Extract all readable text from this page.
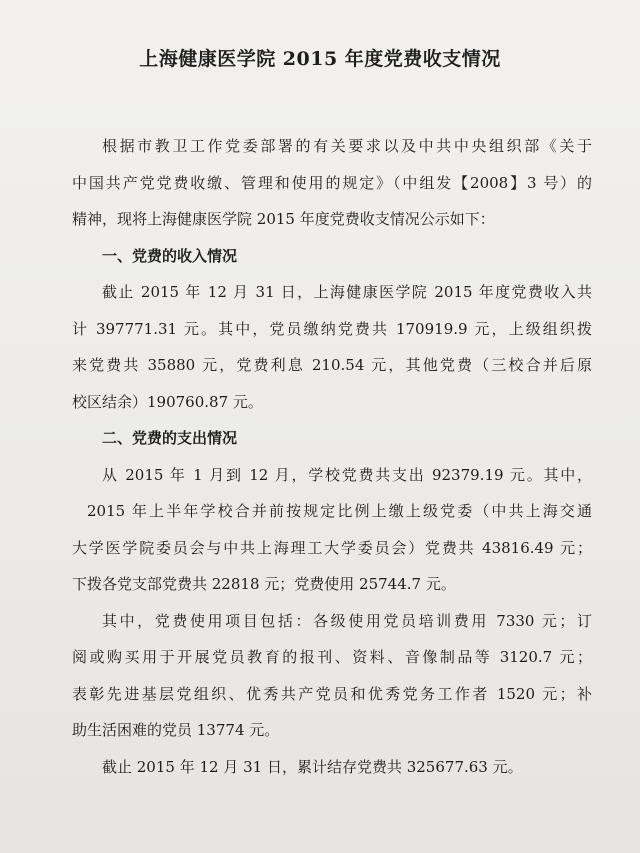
上海健康医学院 2015 年度党费收支情况
根据市教卫工作党委部署的有关要求以及中共中央组织部《关于
中国共产党党费收缴、管理和使用的规定》（中组发【2008】3 号）的
精神，现将上海健康医学院 2015 年度党费收支情况公示如下：
一、党费的收入情况
截止 2015 年 12 月 31 日，上海健康医学院 2015 年度党费收入共
计 397771.31 元。其中，党员缴纳党费共 170919.9 元，上级组织拨
来党费共 35880 元，党费利息 210.54 元，其他党费（三校合并后原
校区结余）190760.87 元。
二、党费的支出情况
从 2015 年 1 月到 12 月，学校党费共支出 92379.19 元。其中，
2015 年上半年学校合并前按规定比例上缴上级党委（中共上海交通
大学医学院委员会与中共上海理工大学委员会）党费共 43816.49 元；
下拨各党支部党费共 22818 元；党费使用 25744.7 元。
其中，党费使用项目包括：各级使用党员培训费用 7330 元；订
阅或购买用于开展党员教育的报刊、资料、音像制品等 3120.7 元；
表彰先进基层党组织、优秀共产党员和优秀党务工作者 1520 元；补
助生活困难的党员 13774 元。
截止 2015 年 12 月 31 日，累计结存党费共 325677.63 元。
